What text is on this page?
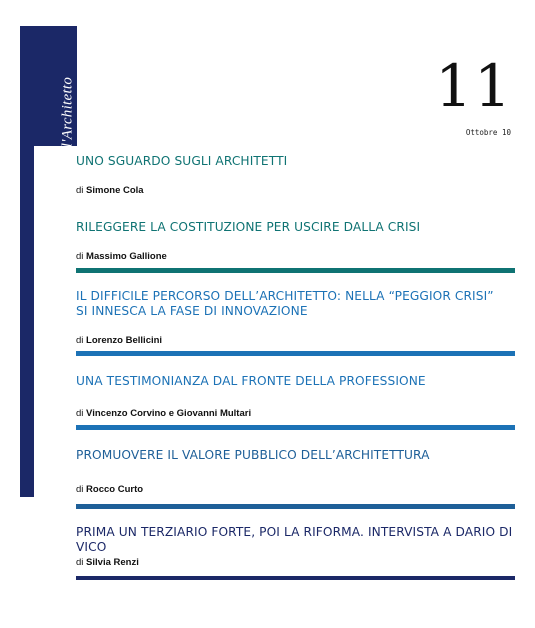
l'Architetto	11
Ottobre 10
UNO SGUARDO SUGLI ARCHITETTI
di Simone Cola
RILEGGERE LA COSTITUZIONE PER USCIRE DALLA CRISI
di Massimo Gallione
IL DIFFICILE PERCORSO DELL’ARCHITETTO: NELLA “PEGGIOR CRISI”
SI INNESCA LA FASE DI INNOVAZIONE
di Lorenzo Bellicini
UNA TESTIMONIANZA DAL FRONTE DELLA PROFESSIONE
di Vincenzo Corvino e Giovanni Multari
PROMUOVERE IL VALORE PUBBLICO DELL’ARCHITETTURA
di Rocco Curto
PRIMA UN TERZIARIO FORTE, POI LA RIFORMA. INTERVISTA A DARIO DI VICO
di Silvia Renzi
